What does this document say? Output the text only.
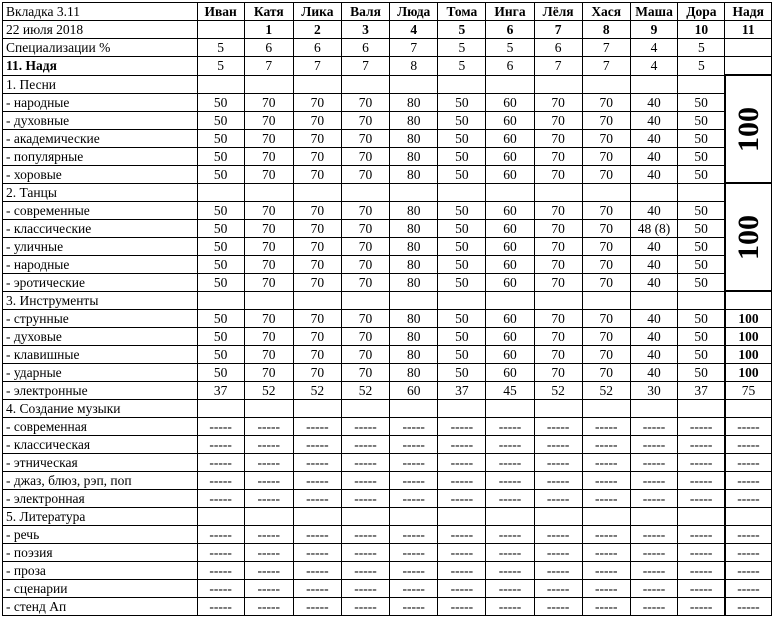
Вкладка 3.11	Иван	Катя	Лика	Валя	Люда	Тома	Инга	Лёля	Хася	Маша	Дора	Надя
22 июля 2018		1	2	3	4	5	6	7	8	9	10	11
Специализации %	5	6	6	6	7	5	5	6	7	4	5	
11. Надя	5	7	7	7	8	5	6	7	7	4	5	
1. Песни												100
- народные	50	70	70	70	80	50	60	70	70	40	50	
- духовные	50	70	70	70	80	50	60	70	70	40	50	
- академические	50	70	70	70	80	50	60	70	70	40	50	
- популярные	50	70	70	70	80	50	60	70	70	40	50	
- хоровые	50	70	70	70	80	50	60	70	70	40	50	
2. Танцы												100
- современные	50	70	70	70	80	50	60	70	70	40	50	
- классические	50	70	70	70	80	50	60	70	70	48 (8)	50	
- уличные	50	70	70	70	80	50	60	70	70	40	50	
- народные	50	70	70	70	80	50	60	70	70	40	50	
- эротические	50	70	70	70	80	50	60	70	70	40	50	
3. Инструменты												
- струнные	50	70	70	70	80	50	60	70	70	40	50	100
- духовые	50	70	70	70	80	50	60	70	70	40	50	100
- клавишные	50	70	70	70	80	50	60	70	70	40	50	100
- ударные	50	70	70	70	80	50	60	70	70	40	50	100
- электронные	37	52	52	52	60	37	45	52	52	30	37	75
4. Создание музыки												
- современная	-----	-----	-----	-----	-----	-----	-----	-----	-----	-----	-----	-----
- классическая	-----	-----	-----	-----	-----	-----	-----	-----	-----	-----	-----	-----
- этническая	-----	-----	-----	-----	-----	-----	-----	-----	-----	-----	-----	-----
- джаз, блюз, рэп, поп	-----	-----	-----	-----	-----	-----	-----	-----	-----	-----	-----	-----
- электронная	-----	-----	-----	-----	-----	-----	-----	-----	-----	-----	-----	-----
5. Литература												
- речь	-----	-----	-----	-----	-----	-----	-----	-----	-----	-----	-----	-----
- поэзия	-----	-----	-----	-----	-----	-----	-----	-----	-----	-----	-----	-----
- проза	-----	-----	-----	-----	-----	-----	-----	-----	-----	-----	-----	-----
- сценарии	-----	-----	-----	-----	-----	-----	-----	-----	-----	-----	-----	-----
- стенд Ап	-----	-----	-----	-----	-----	-----	-----	-----	-----	-----	-----	-----
